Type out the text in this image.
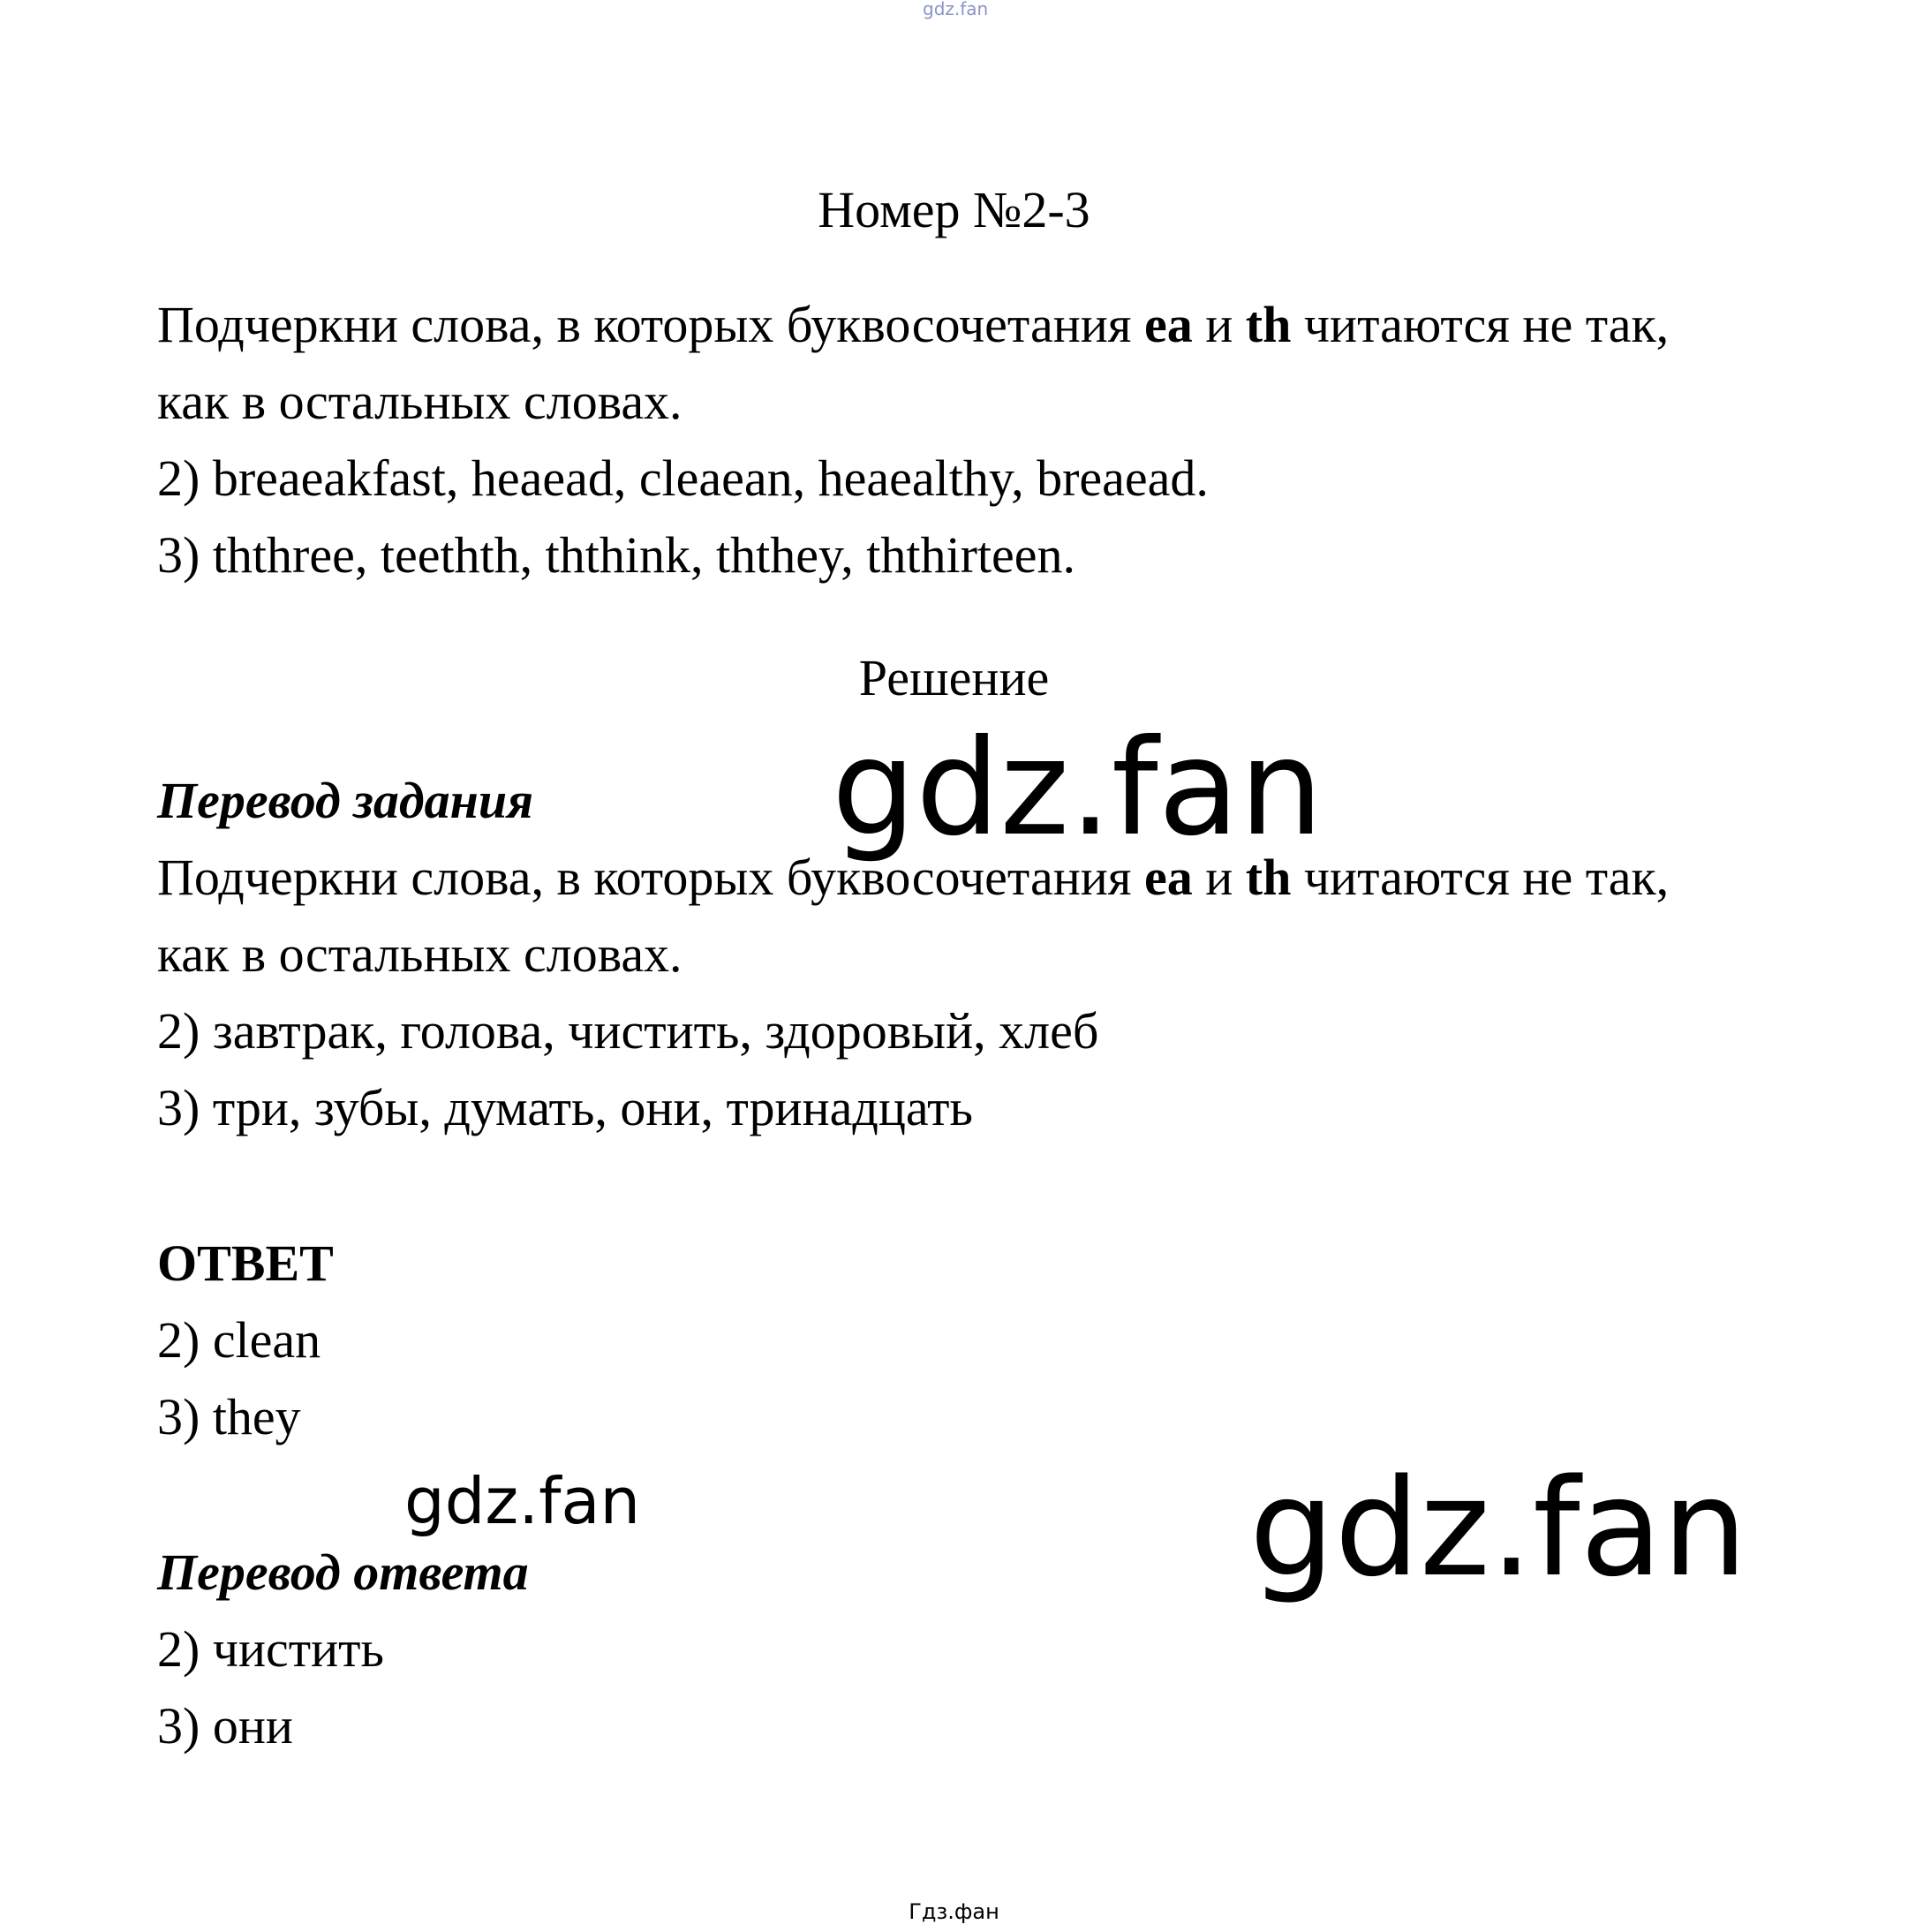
gdz.fan
Номер №2-3
Подчеркни слова, в которых буквосочетания ea и th читаются не так,
как в остальных словах.
2) breaeakfast, heaead, cleaean, heaealthy, breaead.
3) ththree, teethth, ththink, ththey, ththirteen.
Решение
gdz.fan
Перевод задания
Подчеркни слова, в которых буквосочетания ea и th читаются не так,
как в остальных словах.
2) завтрак, голова, чистить, здоровый, хлеб
3) три, зубы, думать, они, тринадцать
ОТВЕТ
2) clean
3) they
gdz.fan	gdz.fan
Перевод ответа
2) чистить
3) они
Гдз.фан
